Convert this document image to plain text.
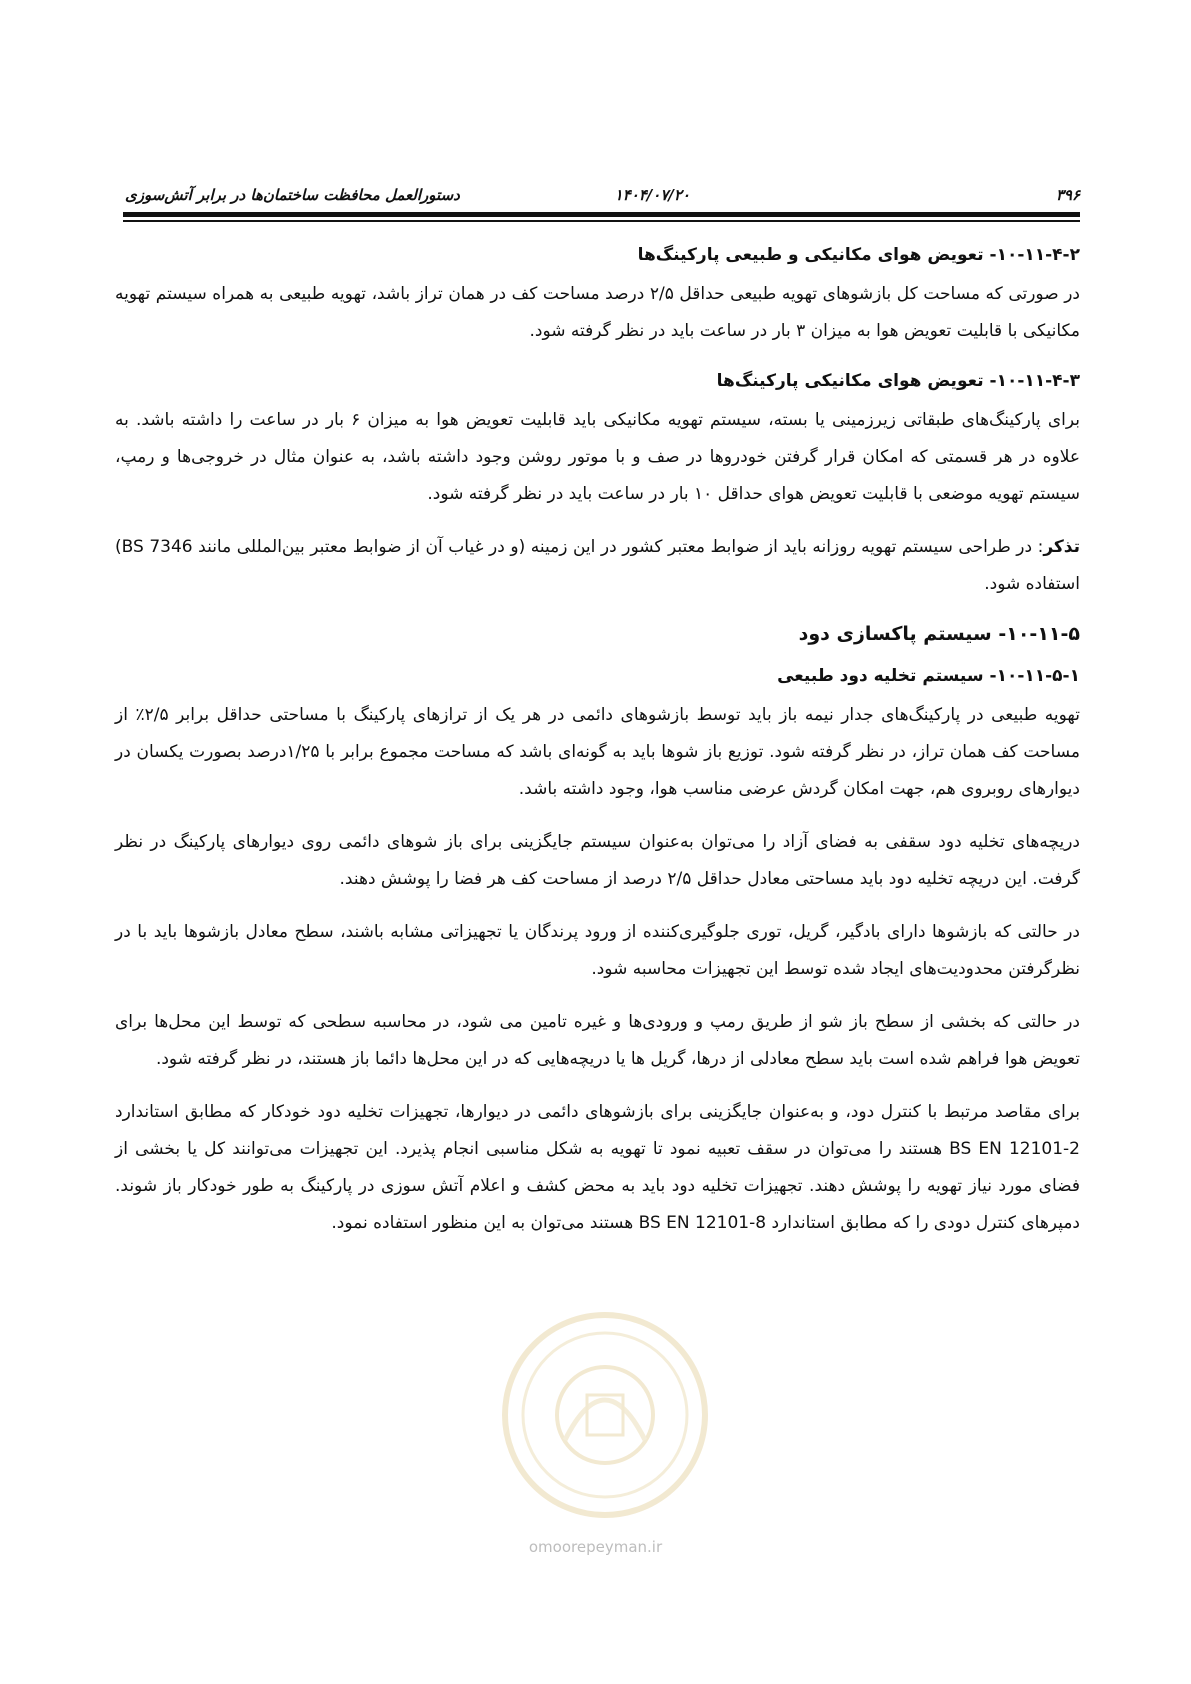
۳۹۶
۱۴۰۴/۰۷/۲۰
دستورالعمل محافظت ساختمان‌ها در برابر آتش‌سوزی
۱۰-۱۱-۴-۲- تعویض هوای مکانیکی و طبیعی پارکینگ‌ها

در صورتی که مساحت کل بازشوهای تهویه طبیعی حداقل ۲/۵ درصد مساحت کف در همان تراز باشد، تهویه طبیعی به همراه سیستم تهویه مکانیکی با قابلیت تعویض هوا به میزان ۳ بار در ساعت باید در نظر گرفته شود.

۱۰-۱۱-۴-۳- تعویض هوای مکانیکی پارکینگ‌ها

برای پارکینگ‌های طبقاتی زیرزمینی یا بسته، سیستم تهویه مکانیکی باید قابلیت تعویض هوا به میزان ۶ بار در ساعت را داشته باشد. به علاوه در هر قسمتی که امکان قرار گرفتن خودروها در صف و با موتور روشن وجود داشته باشد، به عنوان مثال در خروجی‌ها و رمپ، سیستم تهویه موضعی با قابلیت تعویض هوای حداقل ۱۰ بار در ساعت باید در نظر گرفته شود.

تذکر: در طراحی سیستم تهویه روزانه باید از ضوابط معتبر کشور در این زمینه (و در غیاب آن از ضوابط معتبر بین‌المللی مانند BS 7346) استفاده شود.

۱۰-۱۱-۵- سیستم پاکسازی دود
۱۰-۱۱-۵-۱- سیستم تخلیه دود طبیعی

تهویه طبیعی در پارکینگ‌های جدار نیمه باز باید توسط بازشوهای دائمی در هر یک از ترازهای پارکینگ با مساحتی حداقل برابر ۲/۵٪ از مساحت کف همان تراز، در نظر گرفته شود. توزیع باز شوها باید به گونه‌ای باشد که مساحت مجموع برابر با ۱/۲۵درصد بصورت یکسان در دیوارهای روبروی هم، جهت امکان گردش عرضی مناسب هوا، وجود داشته باشد.

دریچه‌های تخلیه دود سقفی به فضای آزاد را می‌توان به‌عنوان سیستم جایگزینی برای باز شوهای دائمی روی دیوارهای پارکینگ در نظر گرفت. این دریچه تخلیه دود باید مساحتی معادل حداقل ۲/۵ درصد از مساحت کف هر فضا را پوشش دهند.

در حالتی که بازشوها دارای بادگیر، گریل، توری جلوگیری‌کننده از ورود پرندگان یا تجهیزاتی مشابه باشند، سطح معادل بازشوها باید با در نظرگرفتن محدودیت‌های ایجاد شده توسط این تجهیزات محاسبه شود.

در حالتی که بخشی از سطح باز شو از طریق رمپ و ورودی‌ها و غیره تامین می شود، در محاسبه سطحی که توسط این محل‌ها برای تعویض هوا فراهم شده است باید سطح معادلی از درها، گریل ها یا دریچه‌هایی که در این محل‌ها دائما باز هستند، در نظر گرفته شود.

برای مقاصد مرتبط با کنترل دود، و به‌عنوان جایگزینی برای بازشوهای دائمی در دیوارها، تجهیزات تخلیه دود خودکار که مطابق استاندارد BS EN 12101-2 هستند را می‌توان در سقف تعبیه نمود تا تهویه به شکل مناسبی انجام پذیرد. این تجهیزات می‌توانند کل یا بخشی از فضای مورد نیاز تهویه را پوشش دهند. تجهیزات تخلیه دود باید به محض کشف و اعلام آتش سوزی در پارکینگ به طور خودکار باز شوند. دمپرهای کنترل دودی را که مطابق استاندارد BS EN 12101-8 هستند می‌توان به این منظور استفاده نمود.

omoorepeyman.ir
